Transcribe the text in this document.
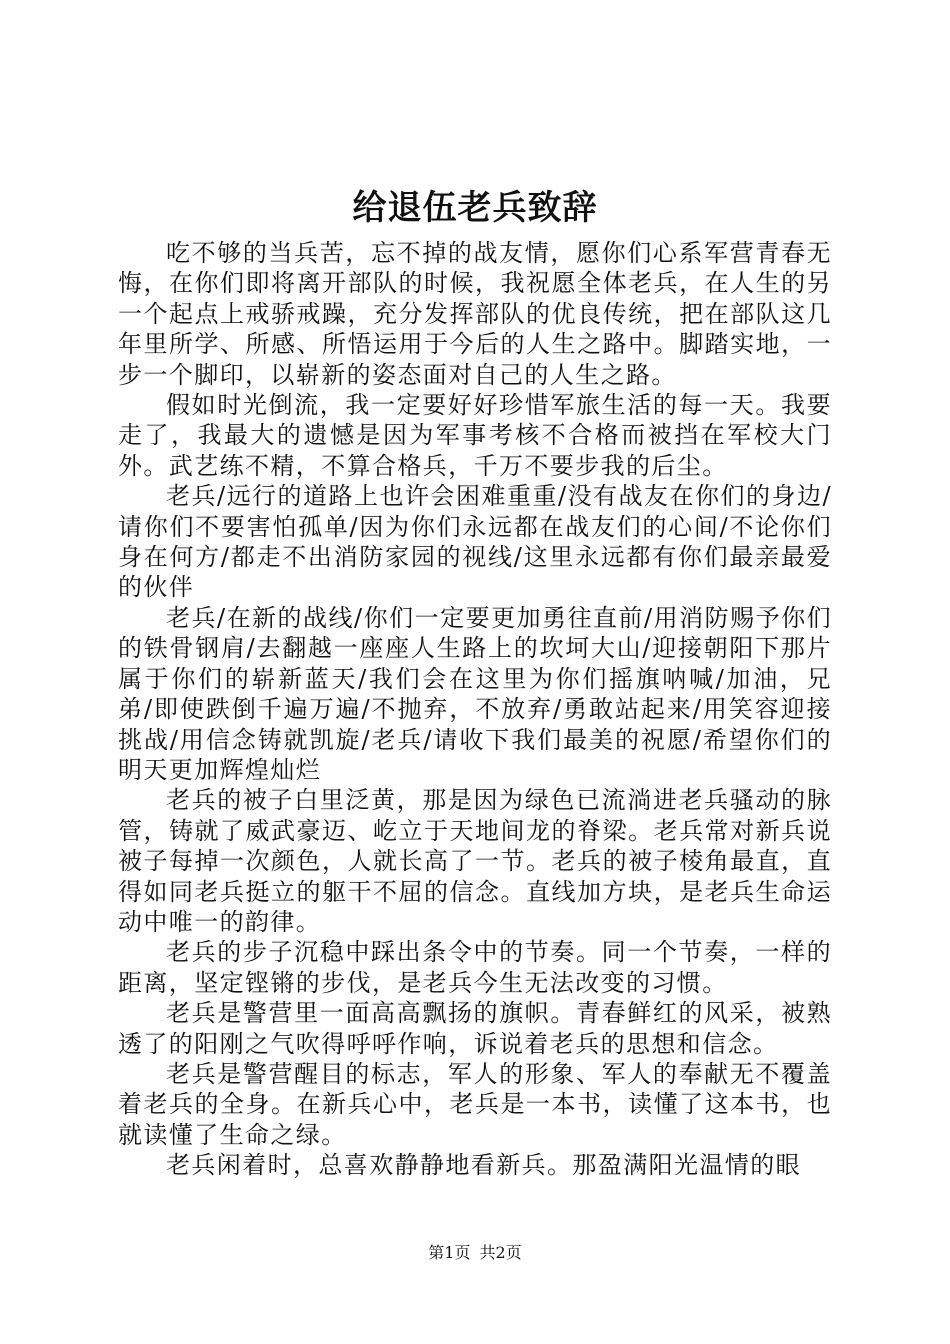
给退伍老兵致辞

吃不够的当兵苦，忘不掉的战友情，愿你们心系军营青春无悔，在你们即将离开部队的时候，我祝愿全体老兵，在人生的另一个起点上戒骄戒躁，充分发挥部队的优良传统，把在部队这几年里所学、所感、所悟运用于今后的人生之路中。脚踏实地，一步一个脚印，以崭新的姿态面对自己的人生之路。

假如时光倒流，我一定要好好珍惜军旅生活的每一天。我要走了，我最大的遗憾是因为军事考核不合格而被挡在军校大门外。武艺练不精，不算合格兵，千万不要步我的后尘。

老兵/远行的道路上也许会困难重重/没有战友在你们的身边/请你们不要害怕孤单/因为你们永远都在战友们的心间/不论你们身在何方/都走不出消防家园的视线/这里永远都有你们最亲最爱的伙伴

老兵/在新的战线/你们一定要更加勇往直前/用消防赐予你们的铁骨钢肩/去翻越一座座人生路上的坎坷大山/迎接朝阳下那片属于你们的崭新蓝天/我们会在这里为你们摇旗呐喊/加油，兄弟/即使跌倒千遍万遍/不抛弃，不放弃/勇敢站起来/用笑容迎接挑战/用信念铸就凯旋/老兵/请收下我们最美的祝愿/希望你们的明天更加辉煌灿烂

老兵的被子白里泛黄，那是因为绿色已流淌进老兵骚动的脉管，铸就了威武豪迈、屹立于天地间龙的脊梁。老兵常对新兵说被子每掉一次颜色，人就长高了一节。老兵的被子棱角最直，直得如同老兵挺立的躯干不屈的信念。直线加方块，是老兵生命运动中唯一的韵律。

老兵的步子沉稳中踩出条令中的节奏。同一个节奏，一样的距离，坚定铿锵的步伐，是老兵今生无法改变的习惯。

老兵是警营里一面高高飘扬的旗帜。青春鲜红的风采，被熟透了的阳刚之气吹得呼呼作响，诉说着老兵的思想和信念。

老兵是警营醒目的标志，军人的形象、军人的奉献无不覆盖着老兵的全身。在新兵心中，老兵是一本书，读懂了这本书，也就读懂了生命之绿。

老兵闲着时，总喜欢静静地看新兵。那盈满阳光温情的眼

第1页 共2页
